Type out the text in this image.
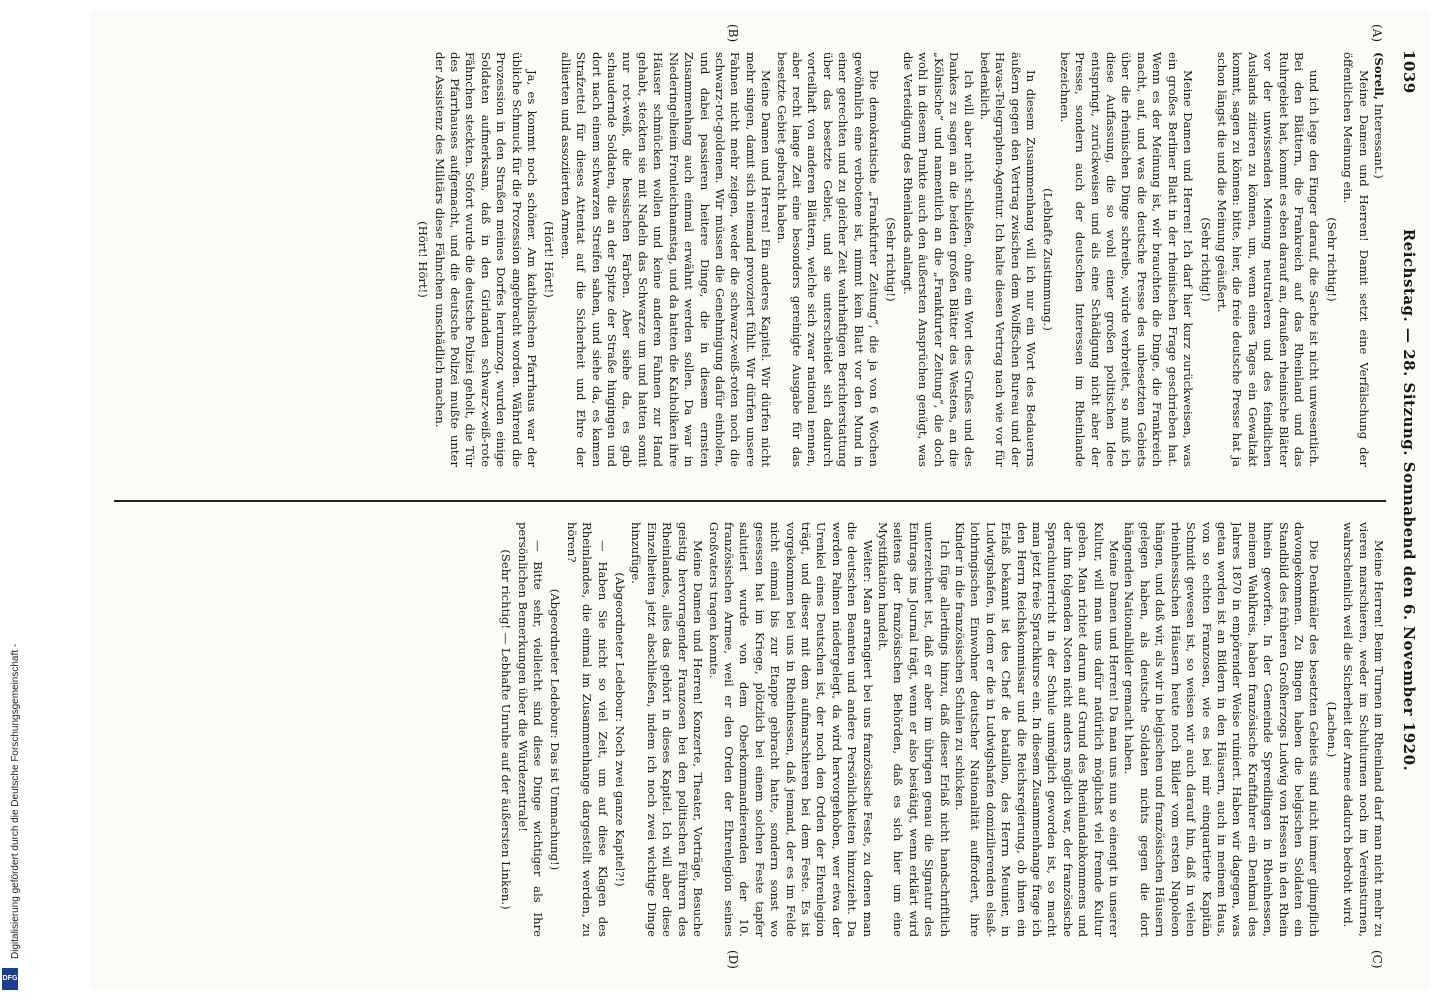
1039
Reichstag. — 28. Sitzung. Sonnabend den 6. November 1920.
(A)
(B)
(C)
(D)

(Sorell, Interessant.)

Meine Damen und Herren! Damit setzt eine Verfälschung der öffentlichen Meinung ein.

(Sehr richtig!)

und ich lege den Finger darauf, die Sache ist nicht unwesentlich. Bei den Blättern, die Frankreich auf das Rheinland und das Ruhrgebiet hat, kommt es eben darauf an, draußen rheinische Blätter vor der unwissenden Meinung neutraleren und des feindlichen Auslands zitieren zu können, um, wenn eines Tages ein Gewaltakt kommt, sagen zu können: bitte, hier, die freie deutsche Presse hat ja schon längst die und die Meinung geäußert.

(Sehr richtig!)

Meine Damen und Herren! Ich darf hier kurz zurückweisen, was ein großes Berliner Blatt in der rheinischen Frage geschrieben hat. Wenn es der Meinung ist, wir brauchten die Dinge, die Frankreich macht, auf, und was die deutsche Presse des unbesetzten Gebiets über die rheinischen Dinge schreibe, würde verbreitet, so muß ich diese Auffassung, die so wohl einer großen politischen Idee entspringt, zurückweisen und als eine Schädigung nicht aber der Presse, sondern auch der deutschen Interessen im Rheinlande bezeichnen.

(Lebhafte Zustimmung.)

In diesem Zusammenhang will ich nur ein Wort des Bedauerns äußern gegen den Vertrag zwischen dem Wolffschen Bureau und der Havas-Telegraphen-Agentur. Ich halte diesen Vertrag nach wie vor für bedenklich.

Ich will aber nicht schließen, ohne ein Wort des Grußes und des Dankes zu sagen an die beiden großen Blätter des Westens, an die „Kölnische“ und namentlich an die „Frankfurter Zeitung“, die doch wohl in diesem Punkte auch den äußersten Ansprüchen genügt, was die Verteidigung des Rheinlands anlangt.

(Sehr richtig!)

Die demokratische „Frankfurter Zeitung“, die ja von 6 Wochen gewöhnlich eine verbotene ist, nimmt kein Blatt vor den Mund in einer gerechten und zu gleicher Zeit wahrhaftigen Berichterstattung über das besetzte Gebiet, und sie unterscheidet sich dadurch vorteilhaft von anderen Blättern, welche sich zwar national nennen, aber recht lange Zeit eine besonders gereinigte Ausgabe für das besetzte Gebiet gebracht haben.

Meine Damen und Herren! Ein anderes Kapitel. Wir dürfen nicht mehr singen, damit sich niemand provoziert fühlt. Wir dürfen unsere Fahnen nicht mehr zeigen, weder die schwarz-weiß-roten noch die schwarz-rot-goldenen. Wir müssen die Genehmigung dafür einholen, und dabei passieren heitere Dinge, die in diesem ernsten Zusammenhang auch einmal erwähnt werden sollen. Da war in Niederingelheim Fronleichnamstag, und da hatten die Katholiken ihre Häuser schmücken wollen und keine anderen Fahnen zur Hand gehabt, steckten sie mit Nadeln das Schwarze um und hatten somit nur rot-weiß, die hessischen Farben. Aber siehe da, es gab schaudernde Soldaten, die an der Spitze der Straße hingingen und dort nach einem schwarzen Streifen sahen, und siehe da, es kamen Strafzettel für dieses Attentat auf die Sicherheit und Ehre der alliierten und assoziierten Armeen.

(Hört! Hört!)

Ja, es kommt noch schöner. Am katholischen Pfarrhaus war der übliche Schmuck für die Prozession angebracht worden. Während die Prozession in den Straßen meines Dorfes herumzog, wurden einige Soldaten aufmerksam, daß in den Girlanden schwarz-weiß-rote Fähnchen steckten. Sofort wurde die deutsche Polizei geholt, die Tür des Pfarrhauses aufgemacht, und die deutsche Polizei mußte unter der Assistenz des Militärs diese Fähnchen unschädlich machen.

(Hört! Hört!)

Meine Herren! Beim Turnen im Rheinland darf man nicht mehr zu vieren marschieren, weder im Schulturnen noch im Vereinsturnen, wahrscheinlich weil die Sicherheit der Armee dadurch bedroht wird.

(Lachen.)

Die Denkmäler des besetzten Gebiets sind nicht immer glimpflich davongekommen. Zu Bingen haben die belgischen Soldaten ein Standbild des früheren Großherzogs Ludwig von Hessen in den Rhein hinein geworfen. In der Gemeinde Sprendlingen in Rheinhessen, meinem Wahlkreis, haben französische Kraftfahrer ein Denkmal des Jahres 1870 in empörender Weise ruiniert. Haben wir dagegen, was getan worden ist an Bildern in den Häusern, auch in meinem Haus, von so echten Franzosen, wie es bei mir einquartierte Kapitän Schmidt gewesen ist, so weisen wir auch darauf hin, daß in vielen rheinhessischen Häusern heute noch Bilder vom ersten Napoleon hängen, und daß wir, als wir in belgischen und französischen Häusern gelegen haben, als deutsche Soldaten nichts gegen die dort hängenden Nationalbilder gemacht haben.

Meine Damen und Herren! Da man uns nun so einengt in unserer Kultur, will man uns dafür natürlich möglichst viel fremde Kultur geben. Man richtet darum auf Grund des Rheinlandabkommens und der ihm folgenden Noten nicht anders möglich war, der französische Sprachunterricht in der Schule unmöglich geworden ist, so macht man jetzt freie Sprachkurse ein. In diesem Zusammenhange frage ich den Herrn Reichskommissar und die Reichsregierung, ob ihnen ein Erlaß bekannt ist des Chef de bataillon, des Herrn Meunier, in Ludwigshafen, in dem er die in Ludwigshafen domizilierenden elsaß-lothringischen Einwohner deutscher Nationalität auffordert, ihre Kinder in die französischen Schulen zu schicken.

Ich füge allerdings hinzu, daß dieser Erlaß nicht handschriftlich unterzeichnet ist, daß er aber im übrigen genau die Signatur des Eintrags ins Journal trägt, wenn er also bestätigt, wenn erklärt wird seitens der französischen Behörden, daß es sich hier um eine Mystifikation handelt.

Weiter: Man arrangiert bei uns französische Feste, zu denen man die deutschen Beamten und andere Persönlichkeiten hinzuzieht. Da werden Palmen niedergelegt, da wird hervorgehoben, wer etwa der Urenkel eines Deutschen ist, der noch den Orden der Ehrenlegion trägt, und dieser mit dem aufmarschieren bei dem Feste. Es ist vorgekommen bei uns in Rheinhessen, daß jemand, der es im Felde nicht einmal bis zur Etappe gebracht hatte, sondern sonst wo gesessen hat im Kriege, plötzlich bei einem solchen Feste tapfer salutiert wurde von dem Oberkommandierenden der 10. französischen Armee, weil er den Orden der Ehrenlegion seines Großvaters tragen konnte.

Meine Damen und Herren! Konzerte, Theater, Vorträge, Besuche geistig hervorragender Franzosen bei den politischen Führern des Rheinlandes, alles das gehört in dieses Kapitel. Ich will aber diese Einzelheiten jetzt abschließen, indem ich noch zwei wichtige Dinge hinzufüge.

(Abgeordneter Ledebour: Noch zwei ganze Kapitel?!)

— Haben Sie nicht so viel Zeit, um auf diese Klagen des Rheinlandes, die einmal im Zusammenhange dargestellt werden, zu hören?

(Abgeordneter Ledebour: Das ist Ummachung!)

— Bitte sehr, vielleicht sind diese Dinge wichtiger als Ihre persönlichen Bemerkungen über die Würdezentrale!

(Sehr richtig! — Lebhafte Unruhe auf der äußersten Linken.)

Digitalisierung gefördert durch die Deutsche Forschungsgemeinschaft -
DFG
